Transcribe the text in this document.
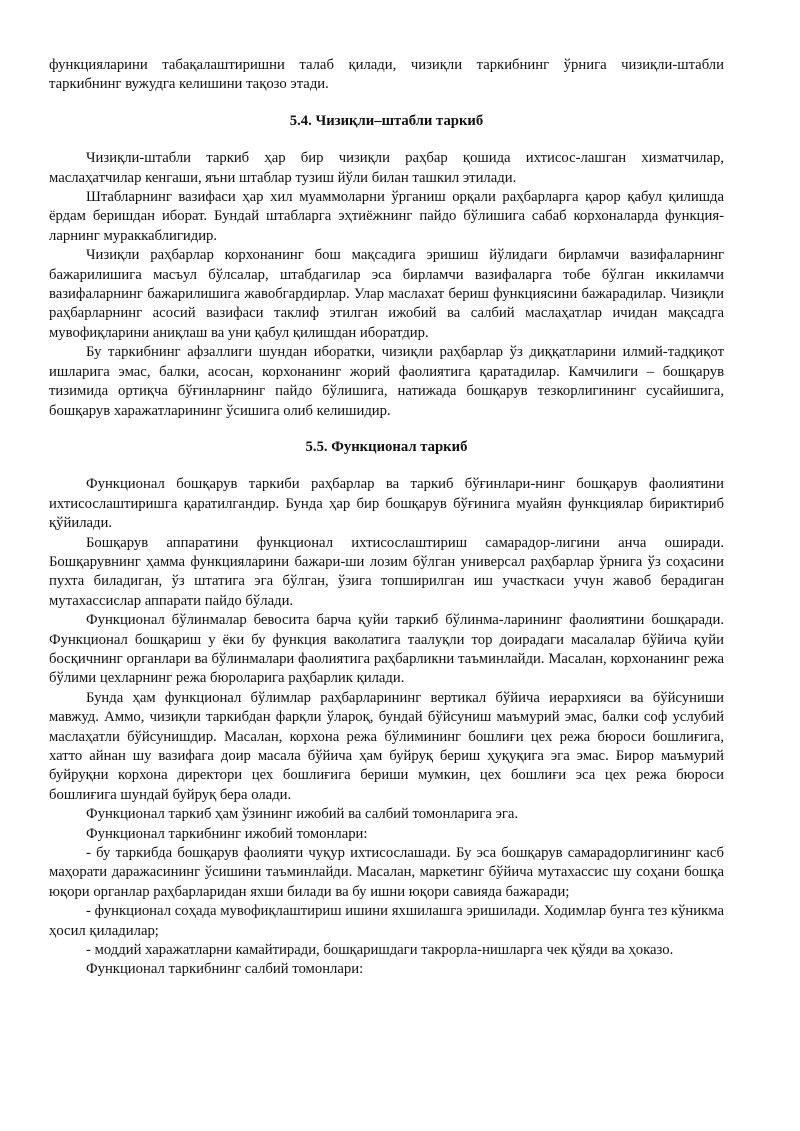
функцияларини табақалаштиришни талаб қилади, чизиқли таркибнинг ўрнига чизиқли-штабли таркибнинг вужудга келишини тақозо этади.

5.4. Чизиқли–штабли таркиб

Чизиқли-штабли таркиб ҳар бир чизиқли раҳбар қошида ихтисос-лашган хизматчилар, маслаҳатчилар кенгаши, яъни штаблар тузиш йўли билан ташкил этилади.

Штабларнинг вазифаси ҳар хил муаммоларни ўрганиш орқали раҳбарларга қарор қабул қилишда ёрдам беришдан иборат. Бундай штабларга эҳтиёжнинг пайдо бўлишига сабаб корхоналарда функция-ларнинг мураккаблигидир.

Чизиқли раҳбарлар корхонанинг бош мақсадига эришиш йўлидаги бирламчи вазифаларнинг бажарилишига масъул бўлсалар, штабдагилар эса бирламчи вазифаларга тобе бўлган иккиламчи вазифаларнинг бажарилишига жавобгардирлар. Улар маслахат бериш функциясини бажарадилар. Чизиқли раҳбарларнинг асосий вазифаси таклиф этилган ижобий ва салбий маслаҳатлар ичидан мақсадга мувофиқларини аниқлаш ва уни қабул қилишдан иборатдир.

Бу таркибнинг афзаллиги шундан иборатки, чизиқли раҳбарлар ўз диққатларини илмий-тадқиқот ишларига эмас, балки, асосан, корхонанинг жорий фаолиятига қаратадилар. Камчилиги – бошқарув тизимида ортиқча бўғинларнинг пайдо бўлишига, натижада бошқарув тезкорлигининг сусайишига, бошқарув харажатларининг ўсишига олиб келишидир.

5.5. Функционал таркиб

Функционал бошқарув таркиби раҳбарлар ва таркиб бўғинлари-нинг бошқарув фаолиятини ихтисослаштиришга қаратилгандир. Бунда ҳар бир бошқарув бўғинига муайян функциялар бириктириб қўйилади.

Бошқарув аппаратини функционал ихтисослаштириш самарадор-лигини анча оширади. Бошқарувнинг ҳамма функцияларини бажари-ши лозим бўлган универсал раҳбарлар ўрнига ўз соҳасини пухта биладиган, ўз штатига эга бўлган, ўзига топширилган иш участкаси учун жавоб берадиган мутахассислар аппарати пайдо бўлади.

Функционал бўлинмалар бевосита барча қуйи таркиб бўлинма-ларининг фаолиятини бошқаради. Функционал бошқариш у ёки бу функция ваколатига таалуқли тор доирадаги масалалар бўйича қуйи босқичнинг органлари ва бўлинмалари фаолиятига раҳбарликни таъминлайди. Масалан, корхонанинг режа бўлими цехларнинг режа бюроларига раҳбарлик қилади.

Бунда ҳам функционал бўлимлар раҳбарларининг вертикал бўйича иерархияси ва бўйсуниши мавжуд. Аммо, чизиқли таркибдан фарқли ўлароқ, бундай бўйсуниш маъмурий эмас, балки соф услубий маслаҳатли бўйсунишдир. Масалан, корхона режа бўлимининг бошлиғи цех режа бюроси бошлиғига, хатто айнан шу вазифага доир масала бўйича ҳам буйруқ бериш ҳуқуқига эга эмас. Бирор маъмурий буйруқни корхона директори цех бошлиғига бериши мумкин, цех бошлиғи эса цех режа бюроси бошлиғига шундай буйруқ бера олади.

Функционал таркиб ҳам ўзининг ижобий ва салбий томонларига эга.

Функционал таркибнинг ижобий томонлари:

- бу таркибда бошқарув фаолияти чуқур ихтисослашади. Бу эса бошқарув самарадорлигининг касб маҳорати даражасининг ўсишини таъминлайди. Масалан, маркетинг бўйича мутахассис шу соҳани бошқа юқори органлар раҳбарларидан яхши билади ва бу ишни юқори савияда бажаради;

- функционал соҳада мувофиқлаштириш ишини яхшилашга эришилади. Ходимлар бунга тез кўникма ҳосил қиладилар;

- моддий харажатларни камайтиради, бошқаришдаги такрорла-нишларга чек қўяди ва ҳоказо.

Функционал таркибнинг салбий томонлари:
